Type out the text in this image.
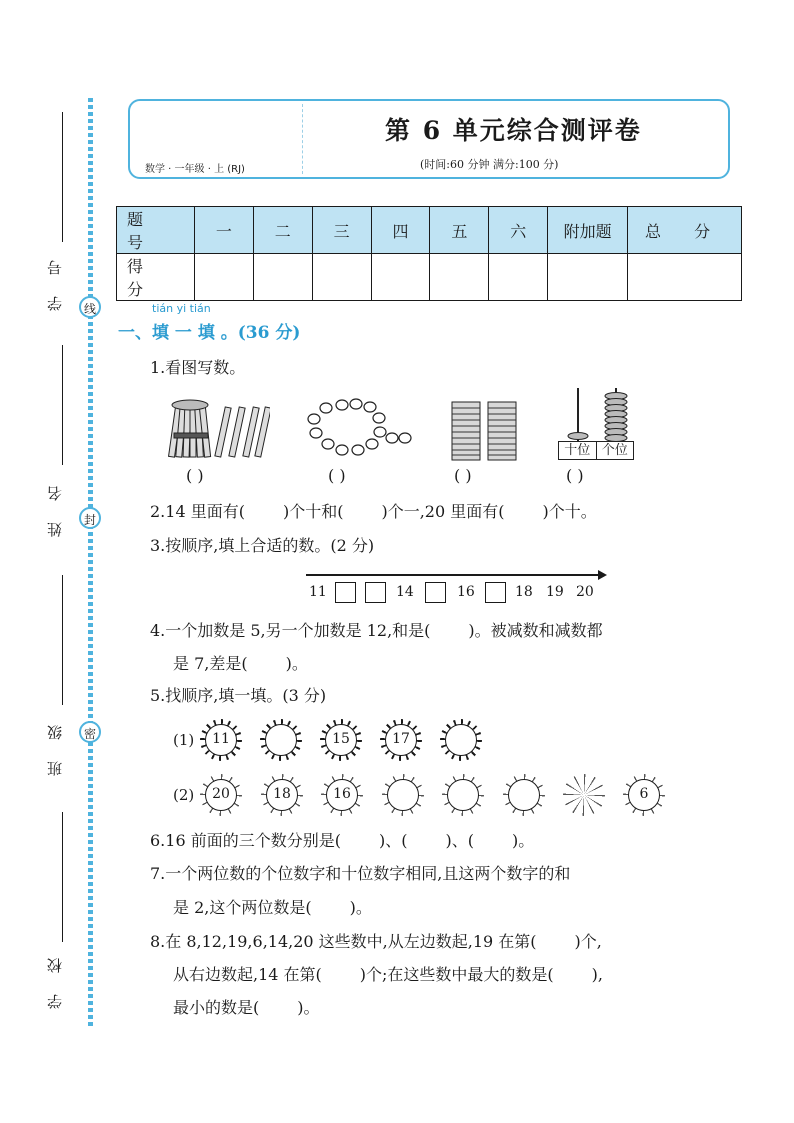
线
封
密
学 号
姓 名
班 级
学 校
数学 · 一年级 · 上 (RJ)
第 6 单元综合测评卷
(时间:60 分钟 满分:100 分)
题 号	一	二	三	四	五	六	附加题	总 分
得 分								
tián yi tián
一、填 一 填 。(36 分)
1.看图写数。
( )	( )	( )
十位 个位
( )
2.14 里面有( )个十和( )个一,20 里面有( )个十。
3.按顺序,填上合适的数。(2 分)
11	14	16	18 19 20
4.一个加数是 5,另一个加数是 12,和是( )。被减数和减数都
是 7,差是( )。
5.找顺序,填一填。(3 分)
(1)	11	15	17
(2)	20	18	16	6
6.16 前面的三个数分别是( )、( )、( )。
7.一个两位数的个位数字和十位数字相同,且这两个数字的和
是 2,这个两位数是( )。
8.在 8,12,19,6,14,20 这些数中,从左边数起,19 在第( )个,
从右边数起,14 在第( )个;在这些数中最大的数是( ),
最小的数是( )。
